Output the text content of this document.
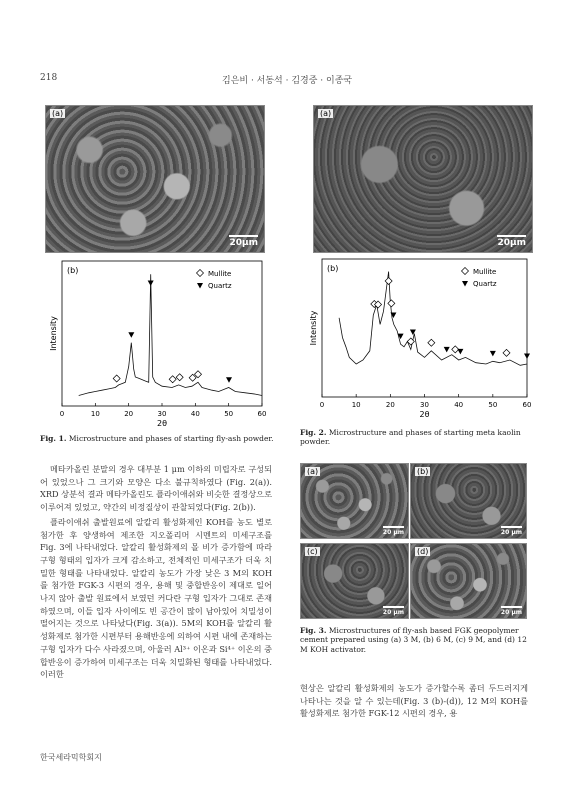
218	김은비 · 서동석 · 김경중 · 이종국
(a)
20μm
(b)
0	10	20	30	40	50	60
2θ
Intensity
Mullite
Quartz
Fig. 1. Microstructure and phases of starting fly-ash powder.
(a)
20μm
(b)
0	10	20	30	40	50	60
2θ
Intensity
Mullite
Quartz
Fig. 2. Microstructure and phases of starting meta kaolin powder.
(a)
20 μm
(b)
20 μm
(c)
20 μm
(d)
20 μm
Fig. 3. Microstructures of fly-ash based FGK geopolymer cement prepared using (a) 3 M, (b) 6 M, (c) 9 M, and (d) 12 M KOH activator.

메타카올린 분말의 경우 대부분 1 μm 이하의 미립자로 구성되어 있었으나 그 크기와 모양은 다소 불규칙하였다 (Fig. 2(a)). XRD 상분석 결과 메타카올린도 플라이애쉬와 비슷한 결정상으로 이루어져 있었고, 약간의 비정질상이 관찰되었다(Fig. 2(b)).

플라이애쉬 출발원료에 알칼리 활성화제인 KOH를 농도 별로 첨가한 후 양생하여 제조한 지오폴리머 시멘트의 미세구조를 Fig. 3에 나타내었다. 알칼리 활성화제의 몰 비가 증가함에 따라 구형 형태의 입자가 크게 감소하고, 전체적인 미세구조가 더욱 치밀한 형태를 나타내었다. 알칼리 농도가 가장 낮은 3 M의 KOH를 첨가한 FGK-3 시편의 경우, 용해 및 중합반응이 제대로 일어나지 않아 출발 원료에서 보였던 커다란 구형 입자가 그대로 존재하였으며, 이들 입자 사이에도 빈 공간이 많이 남아있어 치밀성이 떨어지는 것으로 나타났다(Fig. 3(a)). 5M의 KOH를 알칼리 활성화제로 첨가한 시편부터 용해반응에 의하여 시편 내에 존재하는 구형 입자가 다수 사라졌으며, 아울러 Al³⁺ 이온과 Si⁴⁺ 이온의 중합반응이 증가하여 미세구조는 더욱 치밀화된 형태를 나타내었다. 이러한

현상은 알칼리 활성화제의 농도가 증가할수록 좀더 두드러지게 나타나는 것을 알 수 있는데(Fig. 3 (b)-(d)), 12 M의 KOH를 활성화제로 첨가한 FGK-12 시편의 경우, 용
한국세라믹학회지
